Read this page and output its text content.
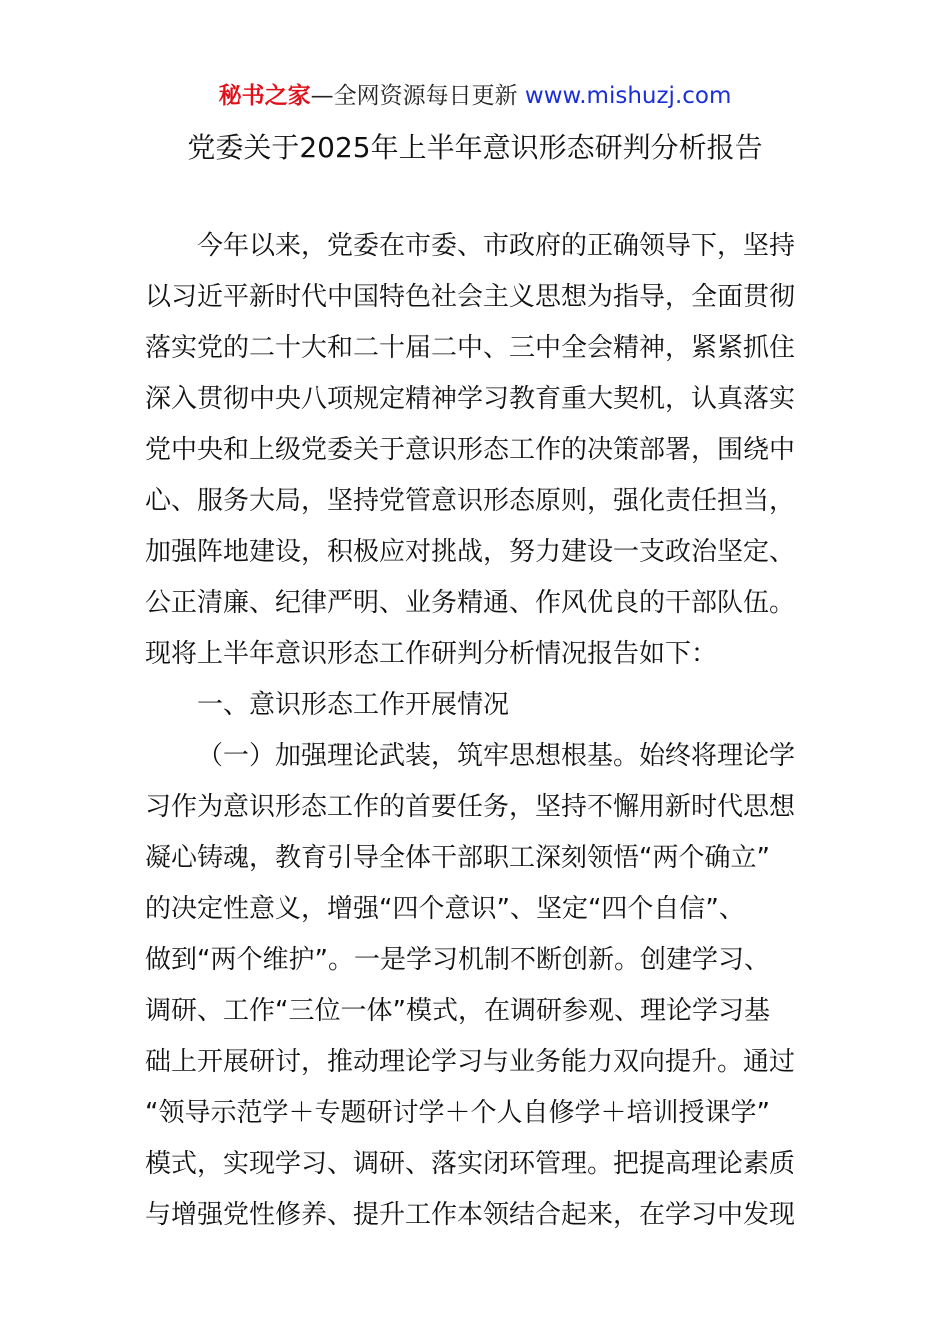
秘书之家—全网资源每日更新 www.mishuzj.com
党委关于2025年上半年意识形态研判分析报告
今年以来，党委在市委、市政府的正确领导下，坚持
以习近平新时代中国特色社会主义思想为指导，全面贯彻
落实党的二十大和二十届二中、三中全会精神，紧紧抓住
深入贯彻中央八项规定精神学习教育重大契机，认真落实
党中央和上级党委关于意识形态工作的决策部署，围绕中
心、服务大局，坚持党管意识形态原则，强化责任担当，
加强阵地建设，积极应对挑战，努力建设一支政治坚定、
公正清廉、纪律严明、业务精通、作风优良的干部队伍。
现将上半年意识形态工作研判分析情况报告如下：
一、意识形态工作开展情况
（一）加强理论武装，筑牢思想根基。始终将理论学
习作为意识形态工作的首要任务，坚持不懈用新时代思想
凝心铸魂，教育引导全体干部职工深刻领悟“两个确立”
的决定性意义，增强“四个意识”、坚定“四个自信”、
做到“两个维护”。一是学习机制不断创新。创建学习、
调研、工作“三位一体”模式，在调研参观、理论学习基
础上开展研讨，推动理论学习与业务能力双向提升。通过
“领导示范学＋专题研讨学＋个人自修学＋培训授课学”
模式，实现学习、调研、落实闭环管理。把提高理论素质
与增强党性修养、提升工作本领结合起来，在学习中发现
